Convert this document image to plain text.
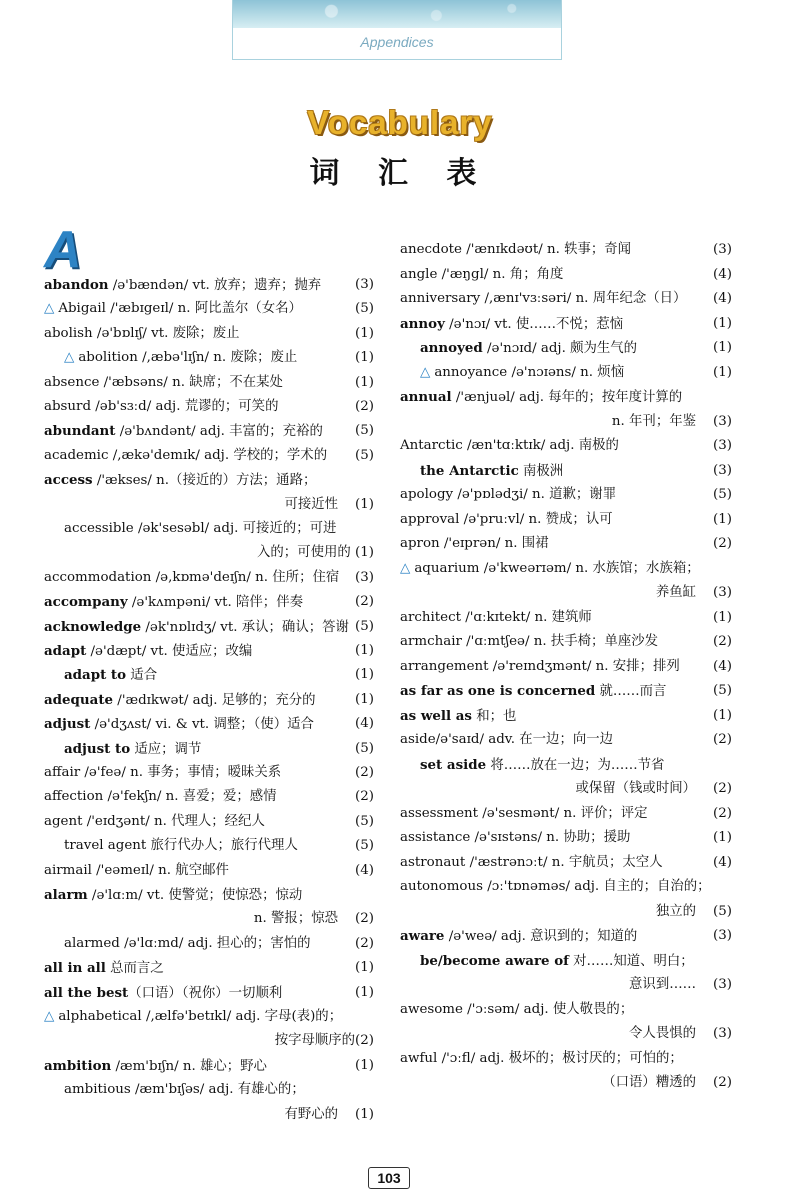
Appendices
Vocabulary
词 汇 表
A
abandon /ə'bændən/ vt. 放弃；遗弃；抛弃	(3)
△ Abigail /'æbɪgeɪl/ n. 阿比盖尔（女名）	(5)
abolish /ə'bɒlɪʃ/ vt. 废除；废止	(1)
△ abolition /,æbə'lɪʃn/ n. 废除；废止	(1)
absence /'æbsəns/ n. 缺席；不在某处	(1)
absurd /əb'sɜːd/ adj. 荒谬的；可笑的	(2)
abundant /ə'bʌndənt/ adj. 丰富的；充裕的 (5)
academic /,ækə'demɪk/ adj. 学校的；学术的 (5)
access /'ækses/ n.（接近的）方法；通路；
可接近性 (1)
accessible /ək'sesəbl/ adj. 可接近的；可进
入的；可使用的 (1)
accommodation /ə,kɒmə'deɪʃn/ n. 住所；住宿 (3)
accompany /ə'kʌmpəni/ vt. 陪伴；伴奏	(2)
acknowledge /ək'nɒlɪdʒ/ vt. 承认；确认；答谢 (5)
adapt /ə'dæpt/ vt. 使适应；改编	(1)
adapt to 适合	(1)
adequate /'ædɪkwət/ adj. 足够的；充分的	(1)
adjust /ə'dʒʌst/ vi. & vt. 调整；（使）适合	(4)
adjust to 适应；调节	(5)
affair /ə'feə/ n. 事务；事情；暧昧关系	(2)
affection /ə'fekʃn/ n. 喜爱；爱；感情	(2)
agent /'eɪdʒənt/ n. 代理人；经纪人	(5)
travel agent 旅行代办人；旅行代理人	(5)
airmail /'eəmeɪl/ n. 航空邮件	(4)
alarm /ə'lɑːm/ vt. 使警觉；使惊恐；惊动
n. 警报；惊恐 (2)
alarmed /ə'lɑːmd/ adj. 担心的；害怕的	(2)
all in all 总而言之	(1)
all the best（口语）（祝你）一切顺利	(1)
△ alphabetical /,ælfə'betɪkl/ adj. 字母(表)的；
按字母顺序的(2)
ambition /æm'bɪʃn/ n. 雄心；野心	(1)
ambitious /æm'bɪʃəs/ adj. 有雄心的；
有野心的 (1)
anecdote /'ænɪkdəʊt/ n. 轶事；奇闻	(3)
angle /'æŋgl/ n. 角；角度	(4)
anniversary /,ænɪ'vɜːsəri/ n. 周年纪念（日） (4)
annoy /ə'nɔɪ/ vt. 使……不悦；惹恼	(1)
annoyed /ə'nɔɪd/ adj. 颇为生气的	(1)
△ annoyance /ə'nɔɪəns/ n. 烦恼	(1)
annual /'ænjuəl/ adj. 每年的；按年度计算的
n. 年刊；年鉴 (3)
Antarctic /æn'tɑːktɪk/ adj. 南极的	(3)
the Antarctic 南极洲	(3)
apology /ə'pɒlədʒi/ n. 道歉；谢罪	(5)
approval /ə'pruːvl/ n. 赞成；认可	(1)
apron /'eɪprən/ n. 围裙	(2)
△ aquarium /ə'kweərɪəm/ n. 水族馆；水族箱；
养鱼缸 (3)
architect /'ɑːkɪtekt/ n. 建筑师	(1)
armchair /'ɑːmtʃeə/ n. 扶手椅；单座沙发	(2)
arrangement /ə'reɪndʒmənt/ n. 安排；排列 (4)
as far as one is concerned 就……而言	(5)
as well as 和；也	(1)
aside/ə'saɪd/ adv. 在一边；向一边	(2)
set aside 将……放在一边；为……节省
或保留（钱或时间） (2)
assessment /ə'sesmənt/ n. 评价；评定	(2)
assistance /ə'sɪstəns/ n. 协助；援助	(1)
astronaut /'æstrənɔːt/ n. 宇航员；太空人	(4)
autonomous /ɔː'tɒnəməs/ adj. 自主的；自治的；
独立的 (5)
aware /ə'weə/ adj. 意识到的；知道的	(3)
be/become aware of 对……知道、明白；
意识到…… (3)
awesome /'ɔːsəm/ adj. 使人敬畏的；
令人畏惧的 (3)
awful /'ɔːfl/ adj. 极坏的；极讨厌的；可怕的；
（口语）糟透的 (2)
103
